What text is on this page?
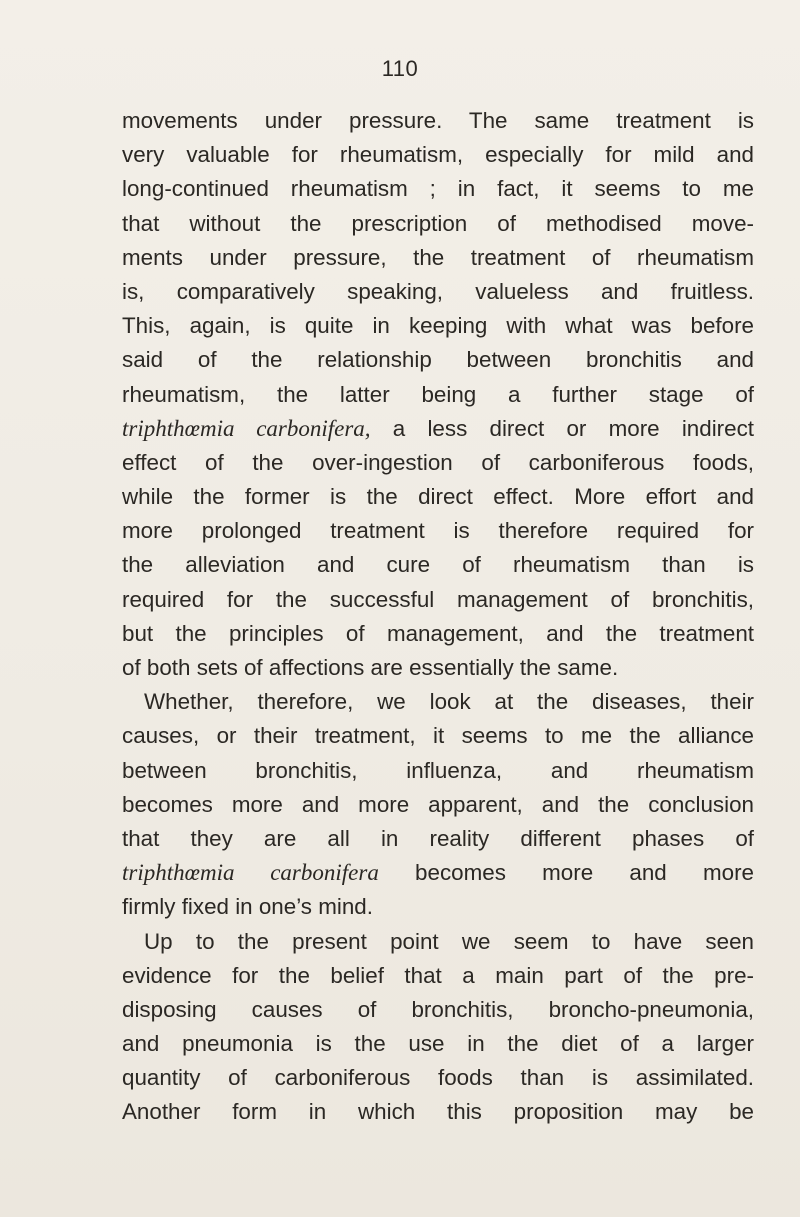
110
movements under pressure. The same treatment is
very valuable for rheumatism, especially for mild and
long-continued rheumatism ; in fact, it seems to me
that without the prescription of methodised move-
ments under pressure, the treatment of rheumatism
is, comparatively speaking, valueless and fruitless.
This, again, is quite in keeping with what was before
said of the relationship between bronchitis and
rheumatism, the latter being a further stage of
triphthœmia carbonifera, a less direct or more indirect
effect of the over-ingestion of carboniferous foods,
while the former is the direct effect. More effort and
more prolonged treatment is therefore required for
the alleviation and cure of rheumatism than is
required for the successful management of bronchitis,
but the principles of management, and the treatment
of both sets of affections are essentially the same.
Whether, therefore, we look at the diseases, their
causes, or their treatment, it seems to me the alliance
between bronchitis, influenza, and rheumatism
becomes more and more apparent, and the conclusion
that they are all in reality different phases of
triphthœmia carbonifera becomes more and more
firmly fixed in one’s mind.
Up to the present point we seem to have seen
evidence for the belief that a main part of the pre-
disposing causes of bronchitis, broncho-pneumonia,
and pneumonia is the use in the diet of a larger
quantity of carboniferous foods than is assimilated.
Another form in which this proposition may be
